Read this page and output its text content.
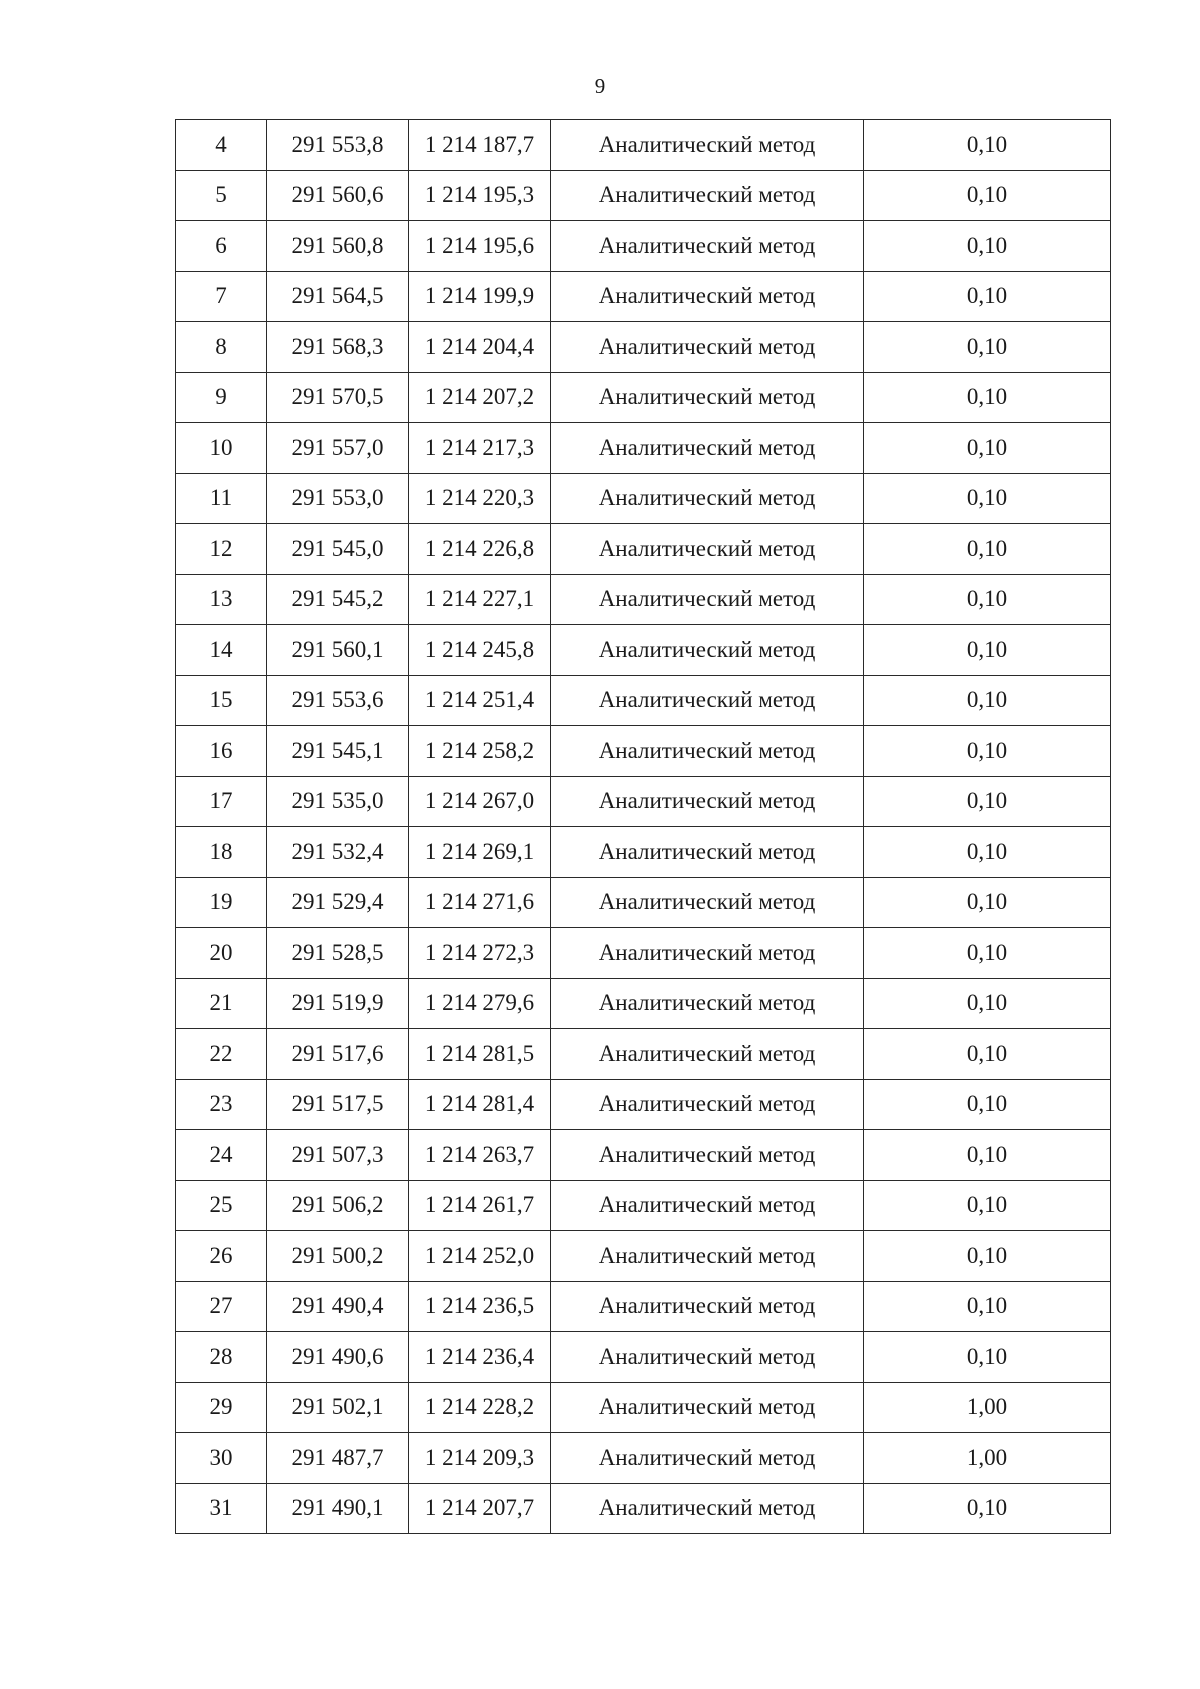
9
4	291 553,8	1 214 187,7	Аналитический метод	0,10
5	291 560,6	1 214 195,3	Аналитический метод	0,10
6	291 560,8	1 214 195,6	Аналитический метод	0,10
7	291 564,5	1 214 199,9	Аналитический метод	0,10
8	291 568,3	1 214 204,4	Аналитический метод	0,10
9	291 570,5	1 214 207,2	Аналитический метод	0,10
10	291 557,0	1 214 217,3	Аналитический метод	0,10
11	291 553,0	1 214 220,3	Аналитический метод	0,10
12	291 545,0	1 214 226,8	Аналитический метод	0,10
13	291 545,2	1 214 227,1	Аналитический метод	0,10
14	291 560,1	1 214 245,8	Аналитический метод	0,10
15	291 553,6	1 214 251,4	Аналитический метод	0,10
16	291 545,1	1 214 258,2	Аналитический метод	0,10
17	291 535,0	1 214 267,0	Аналитический метод	0,10
18	291 532,4	1 214 269,1	Аналитический метод	0,10
19	291 529,4	1 214 271,6	Аналитический метод	0,10
20	291 528,5	1 214 272,3	Аналитический метод	0,10
21	291 519,9	1 214 279,6	Аналитический метод	0,10
22	291 517,6	1 214 281,5	Аналитический метод	0,10
23	291 517,5	1 214 281,4	Аналитический метод	0,10
24	291 507,3	1 214 263,7	Аналитический метод	0,10
25	291 506,2	1 214 261,7	Аналитический метод	0,10
26	291 500,2	1 214 252,0	Аналитический метод	0,10
27	291 490,4	1 214 236,5	Аналитический метод	0,10
28	291 490,6	1 214 236,4	Аналитический метод	0,10
29	291 502,1	1 214 228,2	Аналитический метод	1,00
30	291 487,7	1 214 209,3	Аналитический метод	1,00
31	291 490,1	1 214 207,7	Аналитический метод	0,10
